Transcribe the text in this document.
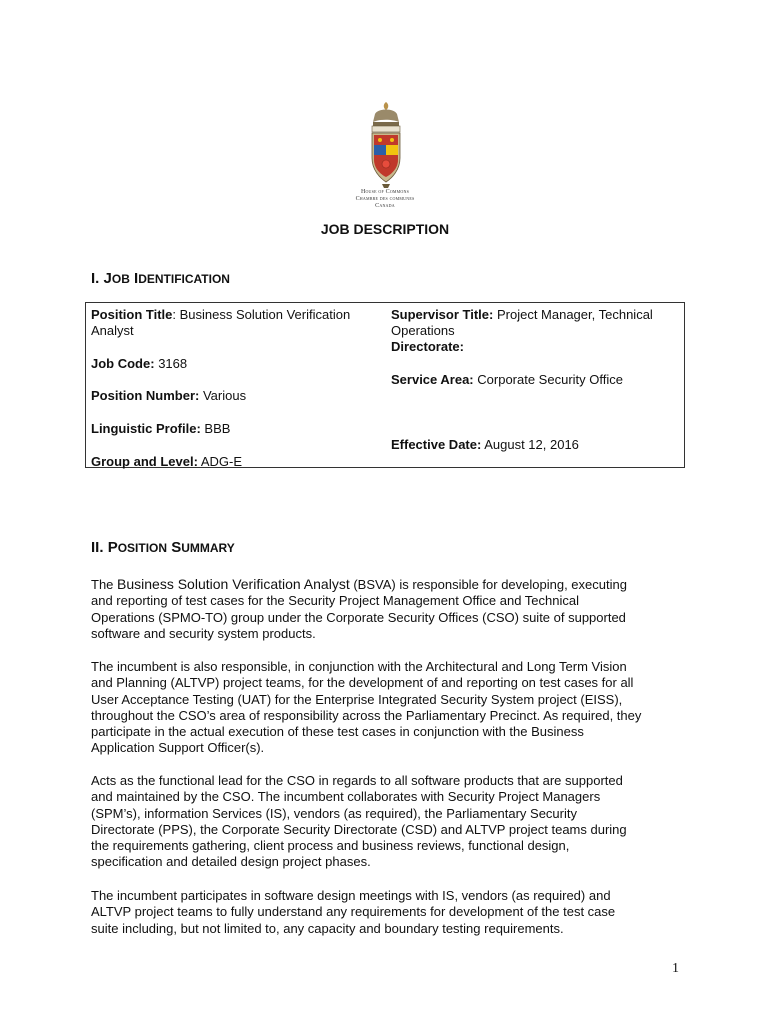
House of Commons
Chambre des communes
Canada
JOB DESCRIPTION
I. JOB IDENTIFICATION
Position Title: Business Solution Verification
Analyst
Job Code: 3168
Position Number: Various
Linguistic Profile: BBB
Group and Level: ADG-E
Supervisor Title: Project Manager, Technical
Operations
Directorate:
Service Area: Corporate Security Office
Effective Date: August 12, 2016
II. POSITION SUMMARY
The Business Solution Verification Analyst (BSVA) is responsible for developing, executing
and reporting of test cases for the Security Project Management Office and Technical
Operations (SPMO-TO) group under the Corporate Security Offices (CSO) suite of supported
software and security system products.
The incumbent is also responsible, in conjunction with the Architectural and Long Term Vision
and Planning (ALTVP) project teams, for the development of and reporting on test cases for all
User Acceptance Testing (UAT) for the Enterprise Integrated Security System project (EISS),
throughout the CSO’s area of responsibility across the Parliamentary Precinct. As required, they
participate in the actual execution of these test cases in conjunction with the Business
Application Support Officer(s).
Acts as the functional lead for the CSO in regards to all software products that are supported
and maintained by the CSO. The incumbent collaborates with Security Project Managers
(SPM’s), information Services (IS), vendors (as required), the Parliamentary Security
Directorate (PPS), the Corporate Security Directorate (CSD) and ALTVP project teams during
the requirements gathering, client process and business reviews, functional design,
specification and detailed design project phases.
The incumbent participates in software design meetings with IS, vendors (as required) and
ALTVP project teams to fully understand any requirements for development of the test case
suite including, but not limited to, any capacity and boundary testing requirements.
1
